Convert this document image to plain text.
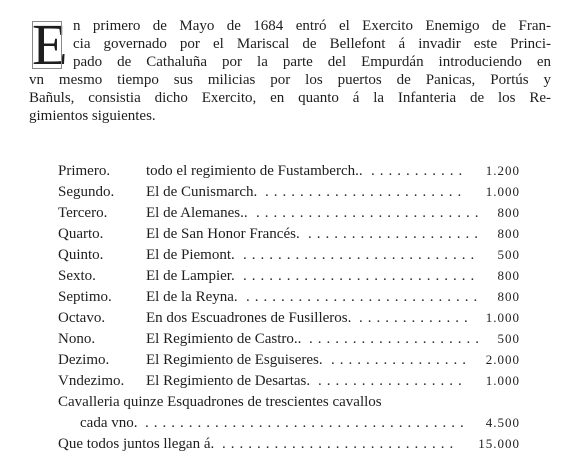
E n primero de Mayo de 1684 entró el Exercito Enemigo de Fran-
cia governado por el Mariscal de Bellefont á invadir este Princi-
pado de Cathaluña por la parte del Empurdán introduciendo en
vn mesmo tiempo sus milicias por los puertos de Panicas, Portús y
Bañuls, consistia dicho Exercito, en quanto á la Infanteria de los Re-
gimientos siguientes.
Primero. todo el regimiento de Fustamberch.. ........... 1.200
Segundo. El de Cunismarch. ....................... 1.000
Tercero.	El de Alemanes.. .......................... 800
Quarto.	El de San Honor Francés. .................... 800
Quinto.	El de Piemont. ........................... 500
Sexto.	El de Lampier. ........................... 800
Septimo. El de la Reyna. ........................... 800
Octavo.	En dos Escuadrones de Fusilleros. ............. 1.000
Nono.	El Regimiento de Castro.. .................... 500
Dezimo. El Regimiento de Esguiseres. ................ 2.000
Vndezimo. El Regimiento de Desartas. ................. 1.000
Cavalleria quinze Esquadrones de trescientes cavallos
cada vno. ..................................... 4.500
Que todos juntos llegan á. ........................... 15.000
